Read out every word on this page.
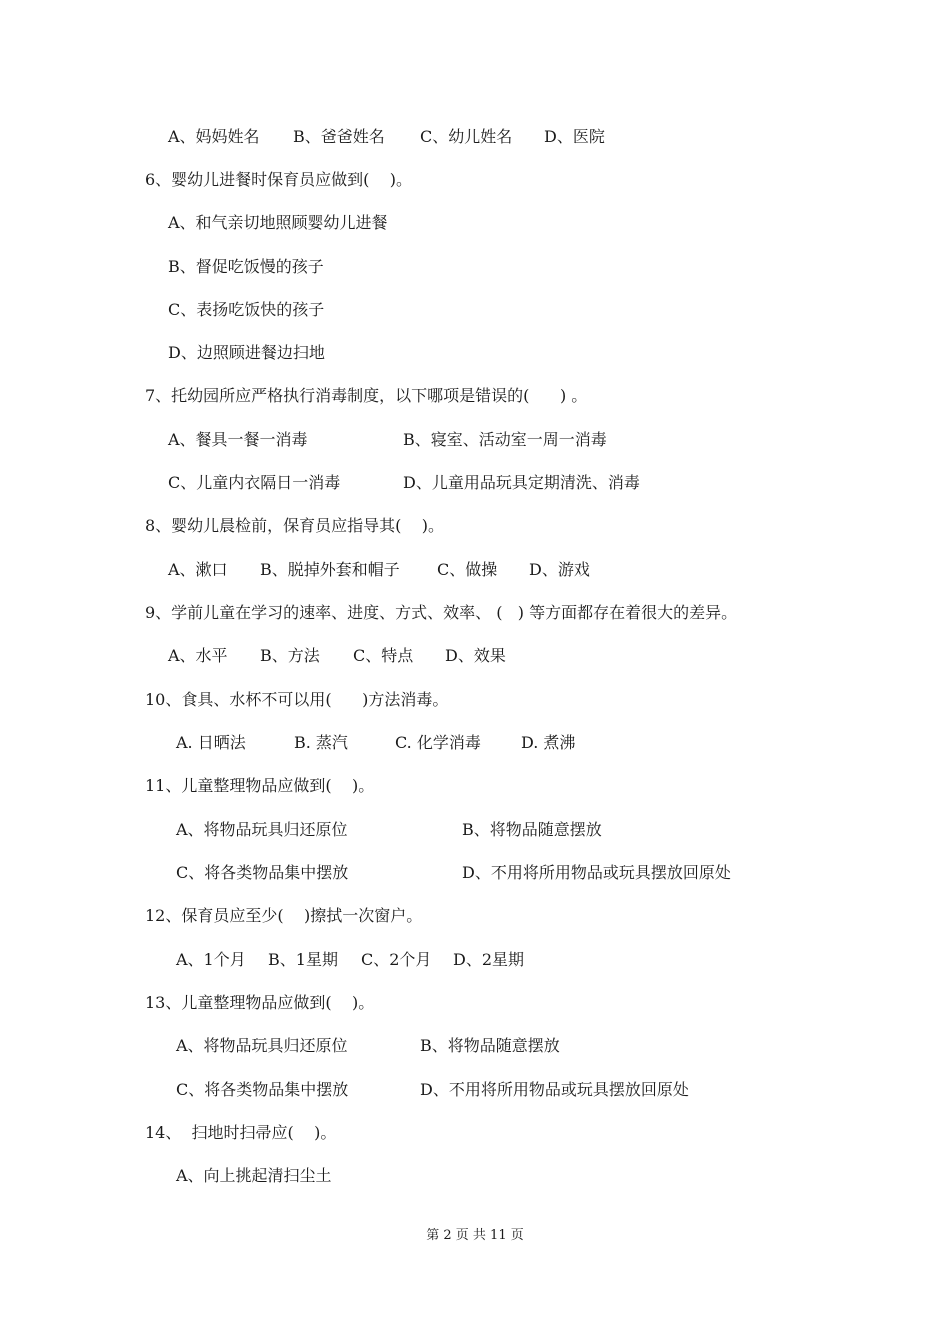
A、妈妈姓名 B、爸爸姓名 C、幼儿姓名 D、医院
6、婴幼儿进餐时保育员应做到(    )。
A、和气亲切地照顾婴幼儿进餐
B、督促吃饭慢的孩子
C、表扬吃饭快的孩子
D、边照顾进餐边扫地
7、托幼园所应严格执行消毒制度，以下哪项是错误的(      ) 。
A、餐具一餐一消毒	B、寝室、活动室一周一消毒
C、儿童内衣隔日一消毒	D、儿童用品玩具定期清洗、消毒
8、婴幼儿晨检前，保育员应指导其(    )。
A、漱口 B、脱掉外套和帽子 C、做操 D、游戏
9、学前儿童在学习的速率、进度、方式、效率、 (   ) 等方面都存在着很大的差异。
A、水平 B、方法 C、特点 D、效果
10、食具、水杯不可以用(      )方法消毒。
A. 日晒法	B. 蒸汽	C. 化学消毒	D. 煮沸
11、儿童整理物品应做到(    )。
A、将物品玩具归还原位	B、将物品随意摆放
C、将各类物品集中摆放	D、不用将所用物品或玩具摆放回原处
12、保育员应至少(    )擦拭一次窗户。
A、1个月 B、1星期 C、2个月 D、2星期
13、儿童整理物品应做到(    )。
A、将物品玩具归还原位	B、将物品随意摆放
C、将各类物品集中摆放	D、不用将所用物品或玩具摆放回原处
14、  扫地时扫帚应(    )。
A、向上挑起清扫尘土
第 2 页 共 11 页
